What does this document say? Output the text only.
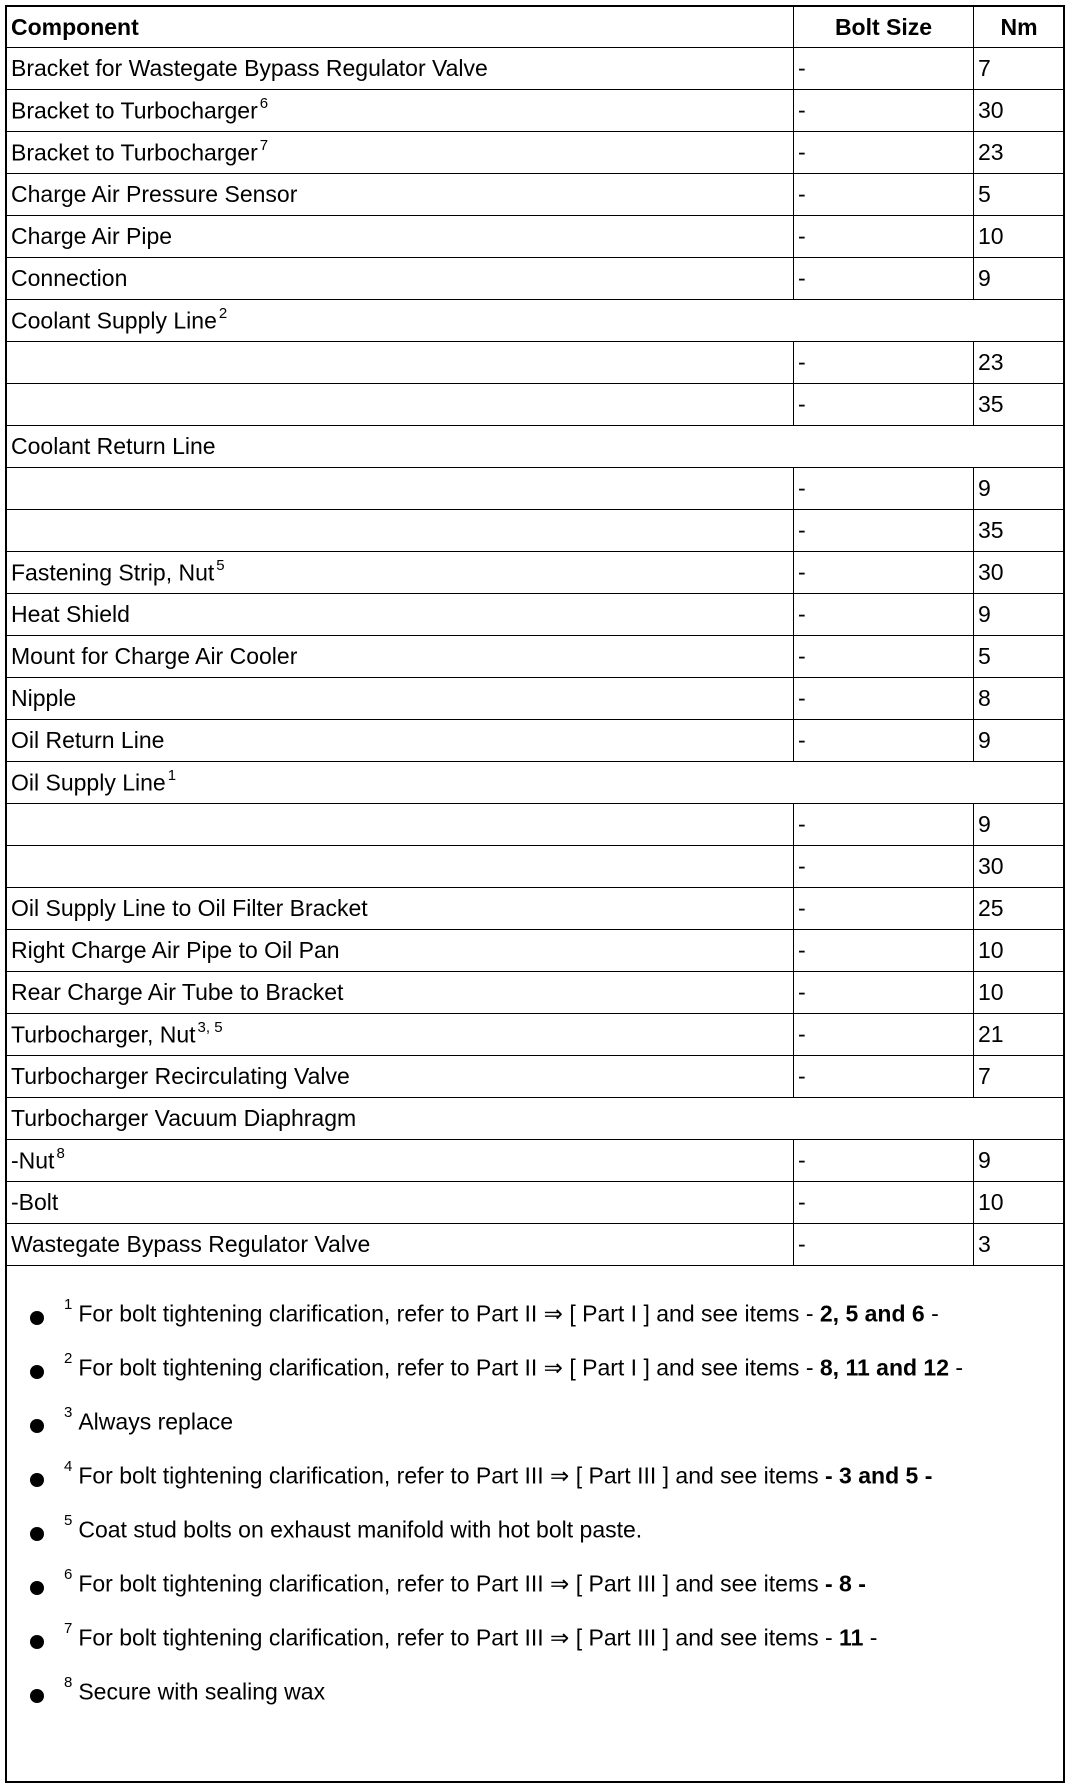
Component	Bolt Size	Nm
Bracket for Wastegate Bypass Regulator Valve	-	7
Bracket to Turbocharger $^6$	-	30
Bracket to Turbocharger $^7$	-	23
Charge Air Pressure Sensor	-	5
Charge Air Pipe	-	10
Connection	-	9
Coolant Supply Line $^2$
	-	23
	-	35
Coolant Return Line		
	-	9
	-	35
Fastening Strip, Nut $^5$	-	30
Heat Shield	-	9
Mount for Charge Air Cooler	-	5
Nipple	-	8
Oil Return Line	-	9
Oil Supply Line $^1$
	-	9
	-	30
Oil Supply Line to Oil Filter Bracket	-	25
Right Charge Air Pipe to Oil Pan	-	10
Rear Charge Air Tube to Bracket	-	10
Turbocharger, Nut $^{3, 5}$	-	21
Turbocharger Recirculating Valve	-	7
Turbocharger Vacuum Diaphragm		
-Nut $^8$	-	9
-Bolt	-	10
Wastegate Bypass Regulator Valve	-	3
$^1$ For bolt tightening clarification, refer to Part II ⇒ [ Part I ] and see items - 2, 5 and 6 -
$^2$ For bolt tightening clarification, refer to Part II ⇒ [ Part I ] and see items - 8, 11 and 12 -
$^3$ Always replace
$^4$ For bolt tightening clarification, refer to Part III ⇒ [ Part III ] and see items - 3 and 5 -
$^5$ Coat stud bolts on exhaust manifold with hot bolt paste.
$^6$ For bolt tightening clarification, refer to Part III ⇒ [ Part III ] and see items - 8 -
$^7$ For bolt tightening clarification, refer to Part III ⇒ [ Part III ] and see items - 11 -
$^8$ Secure with sealing wax
